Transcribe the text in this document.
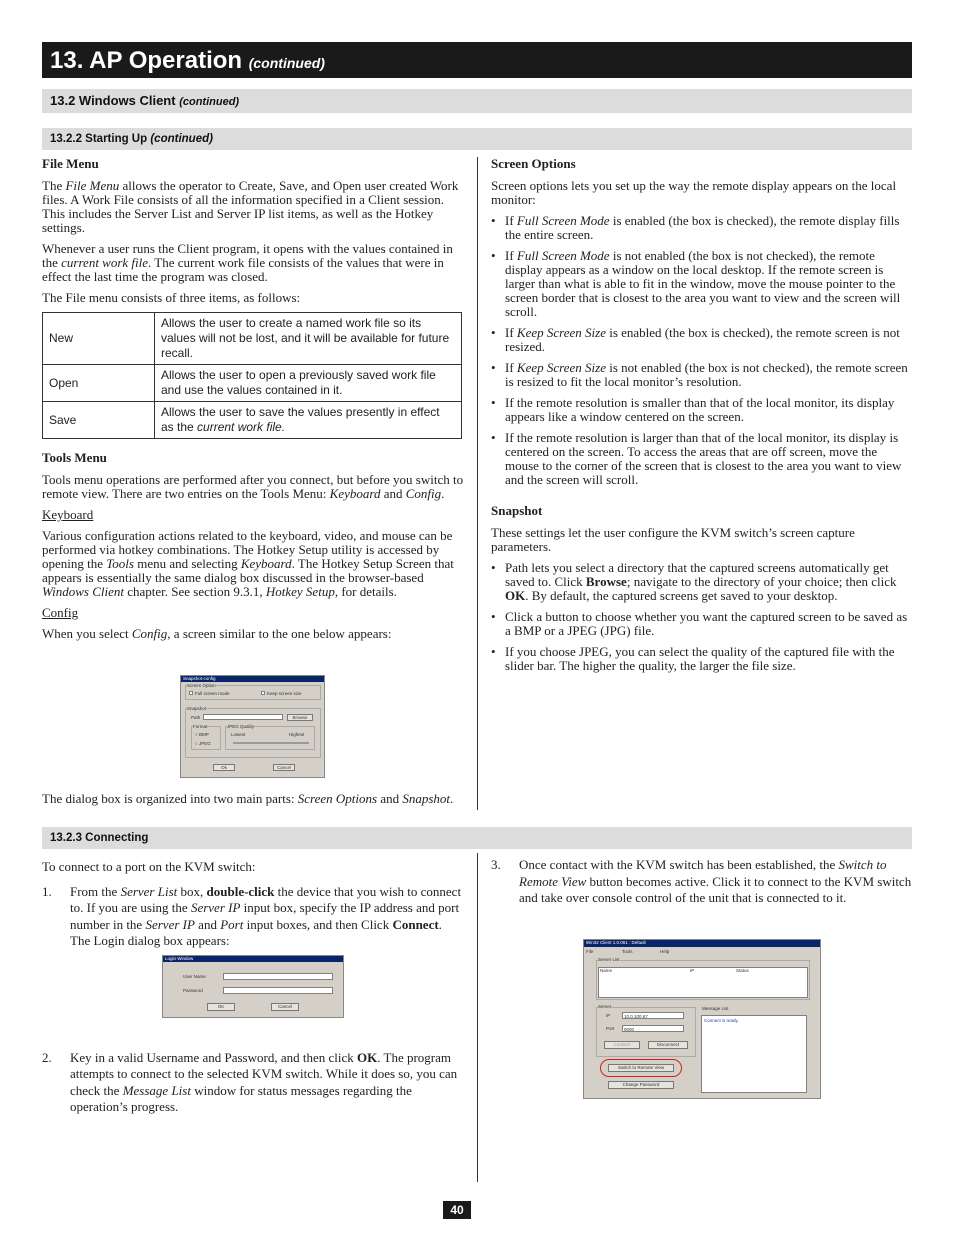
13. AP Operation (continued)
13.2 Windows Client (continued)
13.2.2 Starting Up (continued)
File Menu

The File Menu allows the operator to Create, Save, and Open user created Work files. A Work File consists of all the information specified in a Client session. This includes the Server List and Server IP list items, as well as the Hotkey settings.

Whenever a user runs the Client program, it opens with the values contained in the current work file. The current work file consists of the values that were in effect the last time the program was closed.

The File menu consists of three items, as follows:

New	Allows the user to create a named work file so its values will not be lost, and it will be available for future recall.
Open	Allows the user to open a previously saved work file and use the values contained in it.
Save	Allows the user to save the values presently in effect as the current work file.
Tools Menu

Tools menu operations are performed after you connect, but before you switch to remote view. There are two entries on the Tools Menu: Keyboard and Config.

Keyboard

Various configuration actions related to the keyboard, video, and mouse can be performed via hotkey combinations. The Hotkey Setup utility is accessed by opening the Tools menu and selecting Keyboard. The Hotkey Setup Screen that appears is essentially the same dialog box discussed in the browser-based Windows Client chapter. See section 9.3.1, Hotkey Setup, for details.

Config

When you select Config, a screen similar to the one below appears:

Snapshot-config
Screen Option
Full screen mode	Keep screen size
Snapshot
Path	Browse
Format
○ BMP
○ JPEG
JPEG Quality
Lowest	Highest
Ok	Cancel

The dialog box is organized into two main parts: Screen Options and Snapshot.

Screen Options

Screen options lets you set up the way the remote display appears on the local monitor:

• If Full Screen Mode is enabled (the box is checked), the remote display fills the entire screen.
• If Full Screen Mode is not enabled (the box is not checked), the remote display appears as a window on the local desktop. If the remote screen is larger than what is able to fit in the window, move the mouse pointer to the screen border that is closest to the area you want to view and the screen will scroll.
• If Keep Screen Size is enabled (the box is checked), the remote screen is not resized.
• If Keep Screen Size is not enabled (the box is not checked), the remote screen is resized to fit the local monitor’s resolution.
• If the remote resolution is smaller than that of the local monitor, its display appears like a window centered on the screen.
• If the remote resolution is larger than that of the local monitor, its display is centered on the screen. To access the areas that are off screen, move the mouse to the corner of the screen that is closest to the area you want to view and the screen will scroll.
Snapshot

These settings let the user configure the KVM switch’s screen capture parameters.

• Path lets you select a directory that the captured screens automatically get saved to. Click Browse; navigate to the directory of your choice; then click OK. By default, the captured screens get saved to your desktop.
• Click a button to choose whether you want the captured screen to be saved as a BMP or a JPEG (JPG) file.
• If you choose JPEG, you can select the quality of the captured file with the slider bar. The higher the quality, the larger the file size.
13.2.3 Connecting

To connect to a port on the KVM switch:

1. From the Server List box, double-click the device that you wish to connect to. If you are using the Server IP input box, specify the IP address and port number in the Server IP and Port input boxes, and then Click Connect. The Login dialog box appears:
2. Key in a valid Username and Password, and then click OK. The program attempts to connect to the selected KVM switch. While it does so, you can check the Message List window for status messages regarding the operation’s progress.
Login Window
User Name
Password
OK	Cancel
3. Once contact with the KVM switch has been established, the Switch to Remote View button becomes active. Click it to connect to the KVM switch and take over console control of the unit that is connected to it.
Win32 Client 1.0.061 : Default
File	Tools	Help
Server List
Name	IP	Status
Server
IP	10.0.100.67
Port 9000
Connect	Disconnect
Message List
Connect is ready.
Switch to Remote View
Change Password
40
